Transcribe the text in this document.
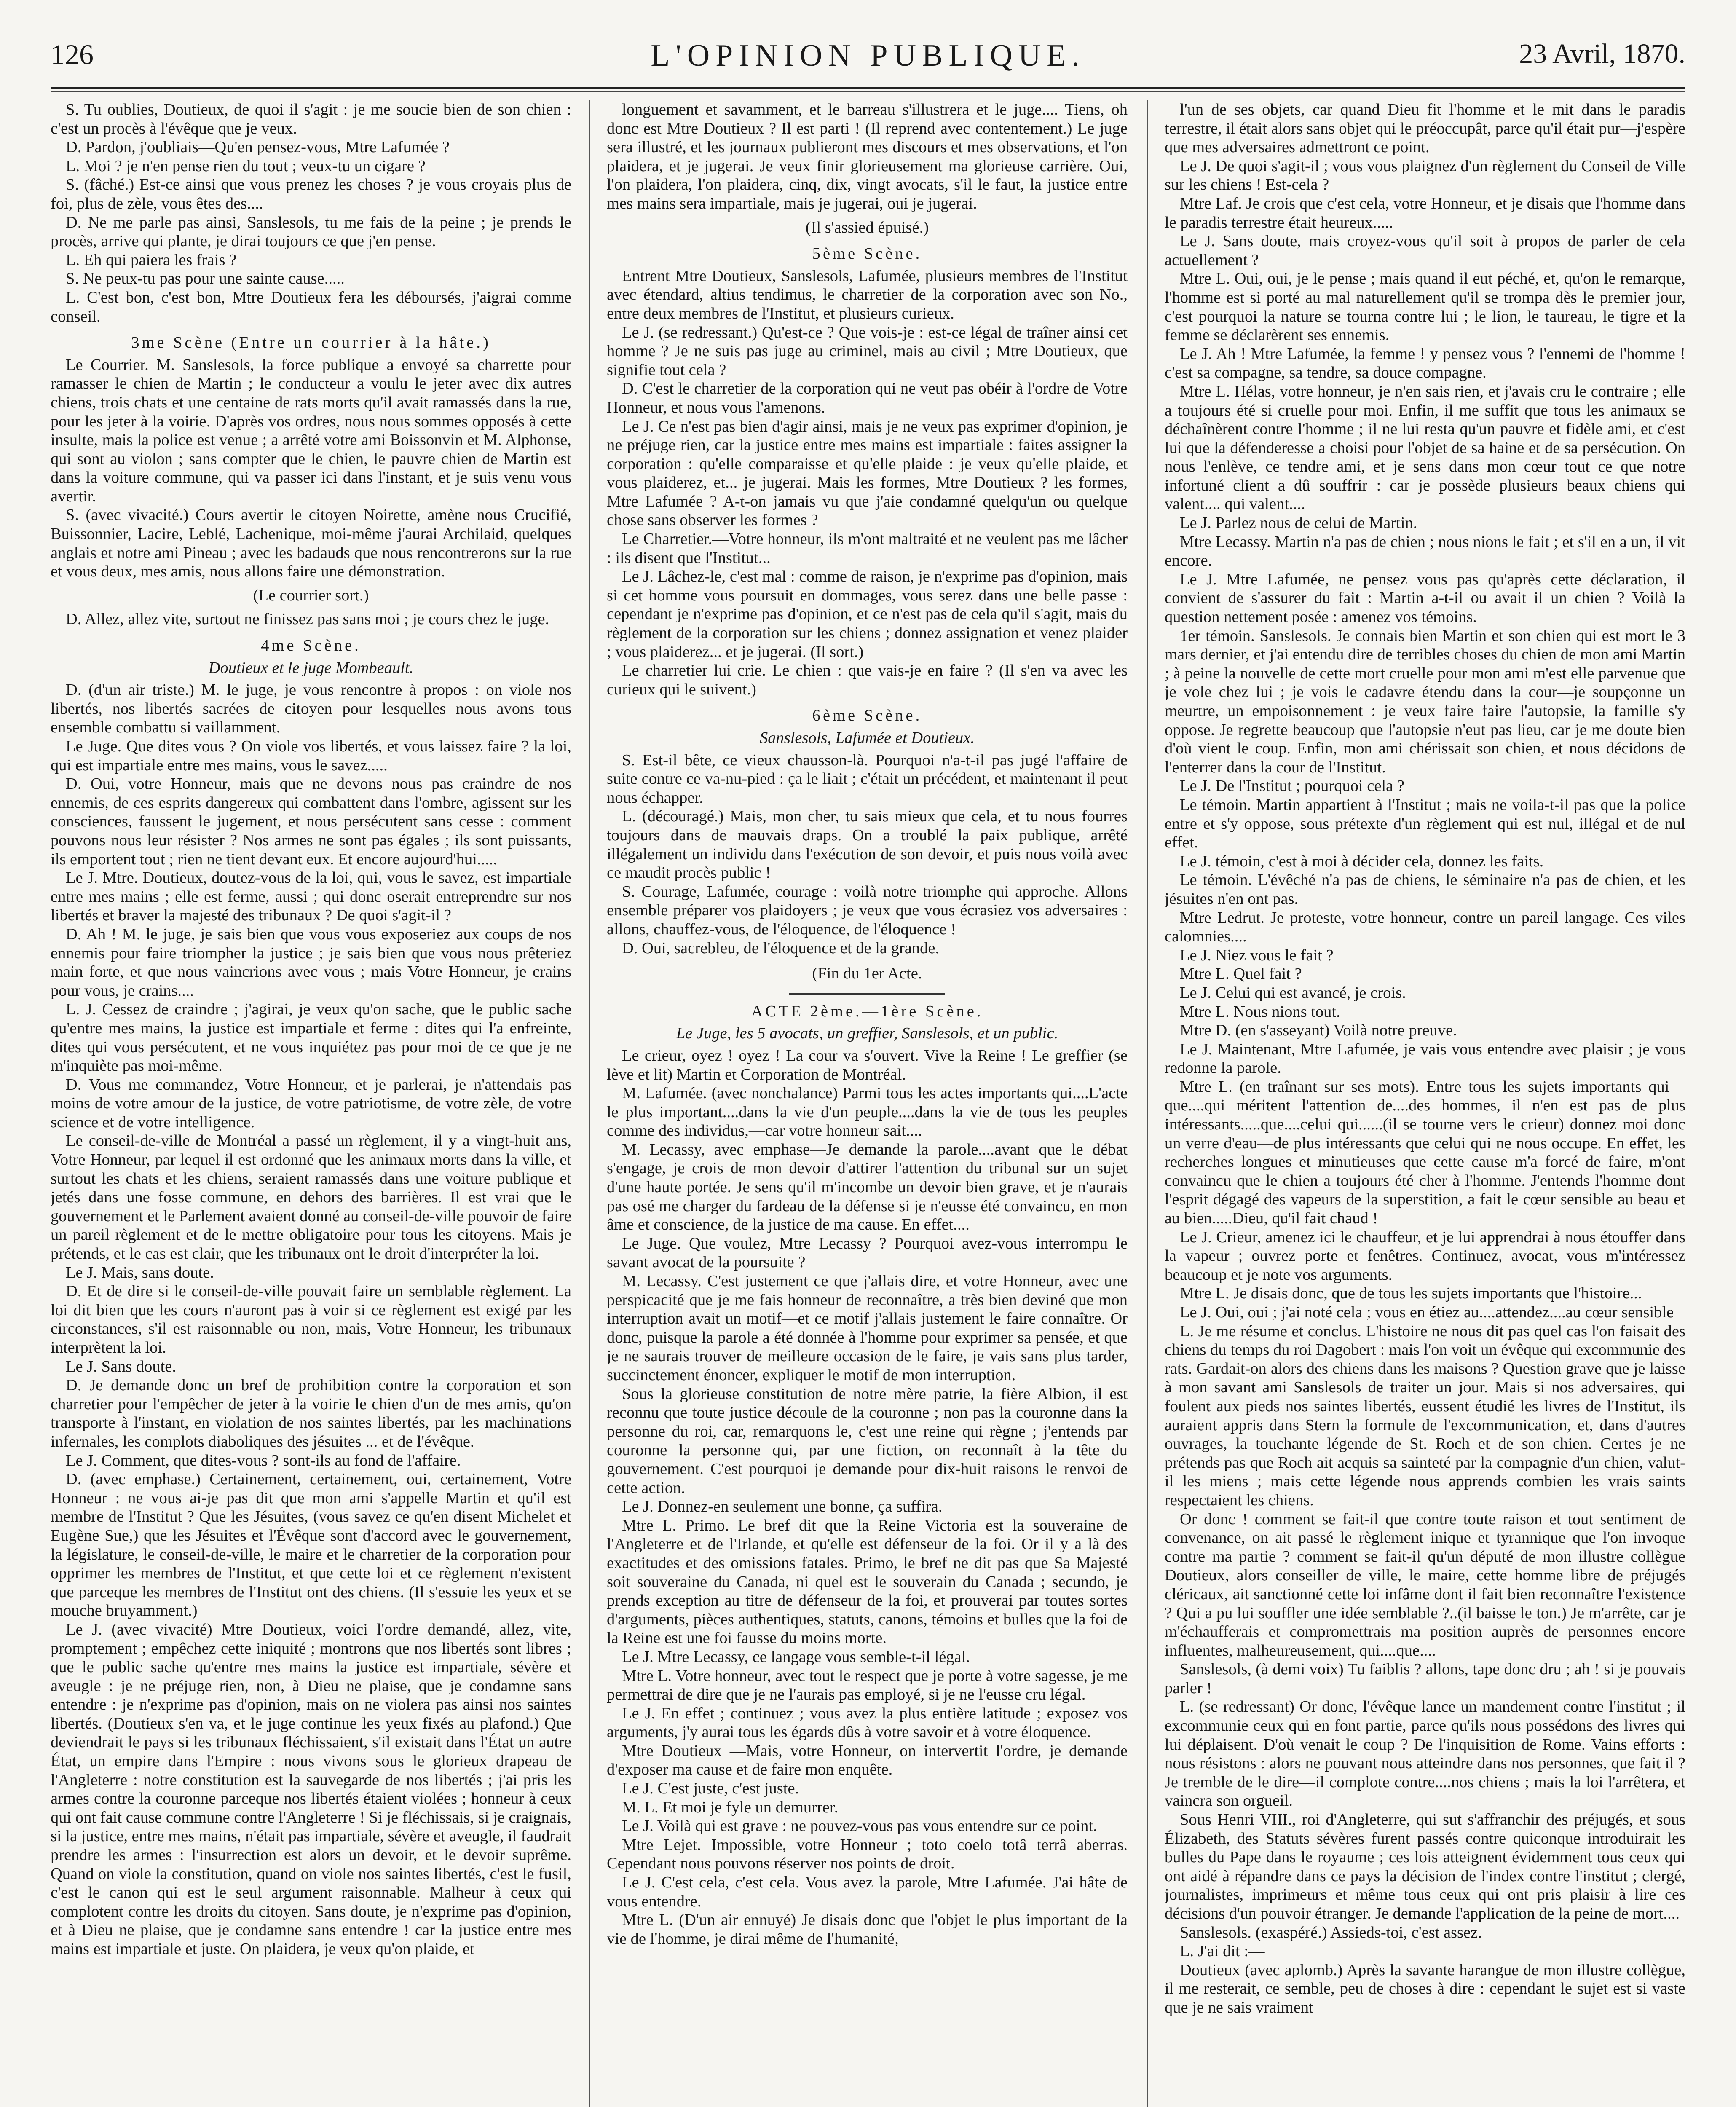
126	L'OPINION PUBLIQUE.	23 Avril, 1870.

S. Tu oublies, Doutieux, de quoi il s'agit : je me soucie bien de son chien : c'est un procès à l'évêque que je veux.

D. Pardon, j'oubliais—Qu'en pensez-vous, Mtre Lafumée ?

L. Moi ? je n'en pense rien du tout ; veux-tu un cigare ?

S. (fâché.) Est-ce ainsi que vous prenez les choses ? je vous croyais plus de foi, plus de zèle, vous êtes des....

D. Ne me parle pas ainsi, Sanslesols, tu me fais de la peine ; je prends le procès, arrive qui plante, je dirai toujours ce que j'en pense.

L. Eh qui paiera les frais ?

S. Ne peux-tu pas pour une sainte cause.....

L. C'est bon, c'est bon, Mtre Doutieux fera les déboursés, j'aigrai comme conseil.

3me Scène (Entre un courrier à la hâte.)

Le Courrier. M. Sanslesols, la force publique a envoyé sa charrette pour ramasser le chien de Martin ; le conducteur a voulu le jeter avec dix autres chiens, trois chats et une centaine de rats morts qu'il avait ramassés dans la rue, pour les jeter à la voirie. D'après vos ordres, nous nous sommes opposés à cette insulte, mais la police est venue ; a arrêté votre ami Boissonvin et M. Alphonse, qui sont au violon ; sans compter que le chien, le pauvre chien de Martin est dans la voiture commune, qui va passer ici dans l'instant, et je suis venu vous avertir.

S. (avec vivacité.) Cours avertir le citoyen Noirette, amène nous Crucifié, Buissonnier, Lacire, Leblé, Lachenique, moi-même j'aurai Archilaid, quelques anglais et notre ami Pineau ; avec les badauds que nous rencontrerons sur la rue et vous deux, mes amis, nous allons faire une démonstration.

(Le courrier sort.)

D. Allez, allez vite, surtout ne finissez pas sans moi ; je cours chez le juge.

4me Scène.

Doutieux et le juge Mombeault.

D. (d'un air triste.) M. le juge, je vous rencontre à propos : on viole nos libertés, nos libertés sacrées de citoyen pour lesquelles nous avons tous ensemble combattu si vaillamment.

Le Juge. Que dites vous ? On viole vos libertés, et vous laissez faire ? la loi, qui est impartiale entre mes mains, vous le savez.....

D. Oui, votre Honneur, mais que ne devons nous pas craindre de nos ennemis, de ces esprits dangereux qui combattent dans l'ombre, agissent sur les consciences, faussent le jugement, et nous persécutent sans cesse : comment pouvons nous leur résister ? Nos armes ne sont pas égales ; ils sont puissants, ils emportent tout ; rien ne tient devant eux. Et encore aujourd'hui.....

Le J. Mtre. Doutieux, doutez-vous de la loi, qui, vous le savez, est impartiale entre mes mains ; elle est ferme, aussi ; qui donc oserait entreprendre sur nos libertés et braver la majesté des tribunaux ? De quoi s'agit-il ?

D. Ah ! M. le juge, je sais bien que vous vous exposeriez aux coups de nos ennemis pour faire triompher la justice ; je sais bien que vous nous prêteriez main forte, et que nous vaincrions avec vous ; mais Votre Honneur, je crains pour vous, je crains....

L. J. Cessez de craindre ; j'agirai, je veux qu'on sache, que le public sache qu'entre mes mains, la justice est impartiale et ferme : dites qui l'a enfreinte, dites qui vous persécutent, et ne vous inquiétez pas pour moi de ce que je ne m'inquiète pas moi-même.

D. Vous me commandez, Votre Honneur, et je parlerai, je n'attendais pas moins de votre amour de la justice, de votre patriotisme, de votre zèle, de votre science et de votre intelligence.

Le conseil-de-ville de Montréal a passé un règlement, il y a vingt-huit ans, Votre Honneur, par lequel il est ordonné que les animaux morts dans la ville, et surtout les chats et les chiens, seraient ramassés dans une voiture publique et jetés dans une fosse commune, en dehors des barrières. Il est vrai que le gouvernement et le Parlement avaient donné au conseil-de-ville pouvoir de faire un pareil règlement et de le mettre obligatoire pour tous les citoyens. Mais je prétends, et le cas est clair, que les tribunaux ont le droit d'interpréter la loi.

Le J. Mais, sans doute.

D. Et de dire si le conseil-de-ville pouvait faire un semblable règlement. La loi dit bien que les cours n'auront pas à voir si ce règlement est exigé par les circonstances, s'il est raisonnable ou non, mais, Votre Honneur, les tribunaux interprètent la loi.

Le J. Sans doute.

D. Je demande donc un bref de prohibition contre la corporation et son charretier pour l'empêcher de jeter à la voirie le chien d'un de mes amis, qu'on transporte à l'instant, en violation de nos saintes libertés, par les machinations infernales, les complots diaboliques des jésuites ... et de l'évêque.

Le J. Comment, que dites-vous ? sont-ils au fond de l'affaire.

D. (avec emphase.) Certainement, certainement, oui, certainement, Votre Honneur : ne vous ai-je pas dit que mon ami s'appelle Martin et qu'il est membre de l'Institut ? Que les Jésuites, (vous savez ce qu'en disent Michelet et Eugène Sue,) que les Jésuites et l'Évêque sont d'accord avec le gouvernement, la législature, le conseil-de-ville, le maire et le charretier de la corporation pour opprimer les membres de l'Institut, et que cette loi et ce règlement n'existent que parceque les membres de l'Institut ont des chiens. (Il s'essuie les yeux et se mouche bruyamment.)

Le J. (avec vivacité) Mtre Doutieux, voici l'ordre demandé, allez, vite, promptement ; empêchez cette iniquité ; montrons que nos libertés sont libres ; que le public sache qu'entre mes mains la justice est impartiale, sévère et aveugle : je ne préjuge rien, non, à Dieu ne plaise, que je condamne sans entendre : je n'exprime pas d'opinion, mais on ne violera pas ainsi nos saintes libertés. (Doutieux s'en va, et le juge continue les yeux fixés au plafond.) Que deviendrait le pays si les tribunaux fléchissaient, s'il existait dans l'État un autre État, un empire dans l'Empire : nous vivons sous le glorieux drapeau de l'Angleterre : notre constitution est la sauvegarde de nos libertés ; j'ai pris les armes contre la couronne parceque nos libertés étaient violées ; honneur à ceux qui ont fait cause commune contre l'Angleterre ! Si je fléchissais, si je craignais, si la justice, entre mes mains, n'était pas impartiale, sévère et aveugle, il faudrait prendre les armes : l'insurrection est alors un devoir, et le devoir suprême. Quand on viole la constitution, quand on viole nos saintes libertés, c'est le fusil, c'est le canon qui est le seul argument raisonnable. Malheur à ceux qui complotent contre les droits du citoyen. Sans doute, je n'exprime pas d'opinion, et à Dieu ne plaise, que je condamne sans entendre ! car la justice entre mes mains est impartiale et juste. On plaidera, je veux qu'on plaide, et

longuement et savamment, et le barreau s'illustrera et le juge.... Tiens, oh donc est Mtre Doutieux ? Il est parti ! (Il reprend avec contentement.) Le juge sera illustré, et les journaux publieront mes discours et mes observations, et l'on plaidera, et je jugerai. Je veux finir glorieusement ma glorieuse carrière. Oui, l'on plaidera, l'on plaidera, cinq, dix, vingt avocats, s'il le faut, la justice entre mes mains sera impartiale, mais je jugerai, oui je jugerai.

(Il s'assied épuisé.)

5ème Scène.

Entrent Mtre Doutieux, Sanslesols, Lafumée, plusieurs membres de l'Institut avec étendard, altius tendimus, le charretier de la corporation avec son No., entre deux membres de l'Institut, et plusieurs curieux.

Le J. (se redressant.) Qu'est-ce ? Que vois-je : est-ce légal de traîner ainsi cet homme ? Je ne suis pas juge au criminel, mais au civil ; Mtre Doutieux, que signifie tout cela ?

D. C'est le charretier de la corporation qui ne veut pas obéir à l'ordre de Votre Honneur, et nous vous l'amenons.

Le J. Ce n'est pas bien d'agir ainsi, mais je ne veux pas exprimer d'opinion, je ne préjuge rien, car la justice entre mes mains est impartiale : faites assigner la corporation : qu'elle comparaisse et qu'elle plaide : je veux qu'elle plaide, et vous plaiderez, et... je jugerai. Mais les formes, Mtre Doutieux ? les formes, Mtre Lafumée ? A-t-on jamais vu que j'aie condamné quelqu'un ou quelque chose sans observer les formes ?

Le Charretier.—Votre honneur, ils m'ont maltraité et ne veulent pas me lâcher : ils disent que l'Institut...

Le J. Lâchez-le, c'est mal : comme de raison, je n'exprime pas d'opinion, mais si cet homme vous poursuit en dommages, vous serez dans une belle passe : cependant je n'exprime pas d'opinion, et ce n'est pas de cela qu'il s'agit, mais du règlement de la corporation sur les chiens ; donnez assignation et venez plaider ; vous plaiderez... et je jugerai. (Il sort.)

Le charretier lui crie. Le chien : que vais-je en faire ? (Il s'en va avec les curieux qui le suivent.)

6ème Scène.

Sanslesols, Lafumée et Doutieux.

S. Est-il bête, ce vieux chausson-là. Pourquoi n'a-t-il pas jugé l'affaire de suite contre ce va-nu-pied : ça le liait ; c'était un précédent, et maintenant il peut nous échapper.

L. (découragé.) Mais, mon cher, tu sais mieux que cela, et tu nous fourres toujours dans de mauvais draps. On a troublé la paix publique, arrêté illégalement un individu dans l'exécution de son devoir, et puis nous voilà avec ce maudit procès public !

S. Courage, Lafumée, courage : voilà notre triomphe qui approche. Allons ensemble préparer vos plaidoyers ; je veux que vous écrasiez vos adversaires : allons, chauffez-vous, de l'éloquence, de l'éloquence !

D. Oui, sacrebleu, de l'éloquence et de la grande.

(Fin du 1er Acte.

ACTE 2ème.—1ère Scène.

Le Juge, les 5 avocats, un greffier, Sanslesols, et un public.

Le crieur, oyez ! oyez ! La cour va s'ouvert. Vive la Reine ! Le greffier (se lève et lit) Martin et Corporation de Montréal.

M. Lafumée. (avec nonchalance) Parmi tous les actes importants qui....L'acte le plus important....dans la vie d'un peuple....dans la vie de tous les peuples comme des individus,—car votre honneur sait....

M. Lecassy, avec emphase—Je demande la parole....avant que le débat s'engage, je crois de mon devoir d'attirer l'attention du tribunal sur un sujet d'une haute portée. Je sens qu'il m'incombe un devoir bien grave, et je n'aurais pas osé me charger du fardeau de la défense si je n'eusse été convaincu, en mon âme et conscience, de la justice de ma cause. En effet....

Le Juge. Que voulez, Mtre Lecassy ? Pourquoi avez-vous interrompu le savant avocat de la poursuite ?

M. Lecassy. C'est justement ce que j'allais dire, et votre Honneur, avec une perspicacité que je me fais honneur de reconnaître, a très bien deviné que mon interruption avait un motif—et ce motif j'allais justement le faire connaître. Or donc, puisque la parole a été donnée à l'homme pour exprimer sa pensée, et que je ne saurais trouver de meilleure occasion de le faire, je vais sans plus tarder, succinctement énoncer, expliquer le motif de mon interruption.

Sous la glorieuse constitution de notre mère patrie, la fière Albion, il est reconnu que toute justice découle de la couronne ; non pas la couronne dans la personne du roi, car, remarquons le, c'est une reine qui règne ; j'entends par couronne la personne qui, par une fiction, on reconnaît à la tête du gouvernement. C'est pourquoi je demande pour dix-huit raisons le renvoi de cette action.

Le J. Donnez-en seulement une bonne, ça suffira.

Mtre L. Primo. Le bref dit que la Reine Victoria est la souveraine de l'Angleterre et de l'Irlande, et qu'elle est défenseur de la foi. Or il y a là des exactitudes et des omissions fatales. Primo, le bref ne dit pas que Sa Majesté soit souveraine du Canada, ni quel est le souverain du Canada ; secundo, je prends exception au titre de défenseur de la foi, et prouverai par toutes sortes d'arguments, pièces authentiques, statuts, canons, témoins et bulles que la foi de la Reine est une foi fausse du moins morte.

Le J. Mtre Lecassy, ce langage vous semble-t-il légal.

Mtre L. Votre honneur, avec tout le respect que je porte à votre sagesse, je me permettrai de dire que je ne l'aurais pas employé, si je ne l'eusse cru légal.

Le J. En effet ; continuez ; vous avez la plus entière latitude ; exposez vos arguments, j'y aurai tous les égards dûs à votre savoir et à votre éloquence.

Mtre Doutieux —Mais, votre Honneur, on intervertit l'ordre, je demande d'exposer ma cause et de faire mon enquête.

Le J. C'est juste, c'est juste.

M. L. Et moi je fyle un demurrer.

Le J. Voilà qui est grave : ne pouvez-vous pas vous entendre sur ce point.

Mtre Lejet. Impossible, votre Honneur ; toto coelo totâ terrâ aberras. Cependant nous pouvons réserver nos points de droit.

Le J. C'est cela, c'est cela. Vous avez la parole, Mtre Lafumée. J'ai hâte de vous entendre.

Mtre L. (D'un air ennuyé) Je disais donc que l'objet le plus important de la vie de l'homme, je dirai même de l'humanité,

l'un de ses objets, car quand Dieu fit l'homme et le mit dans le paradis terrestre, il était alors sans objet qui le préoccupât, parce qu'il était pur—j'espère que mes adversaires admettront ce point.

Le J. De quoi s'agit-il ; vous vous plaignez d'un règlement du Conseil de Ville sur les chiens ! Est-cela ?

Mtre Laf. Je crois que c'est cela, votre Honneur, et je disais que l'homme dans le paradis terrestre était heureux.....

Le J. Sans doute, mais croyez-vous qu'il soit à propos de parler de cela actuellement ?

Mtre L. Oui, oui, je le pense ; mais quand il eut péché, et, qu'on le remarque, l'homme est si porté au mal naturellement qu'il se trompa dès le premier jour, c'est pourquoi la nature se tourna contre lui ; le lion, le taureau, le tigre et la femme se déclarèrent ses ennemis.

Le J. Ah ! Mtre Lafumée, la femme ! y pensez vous ? l'ennemi de l'homme ! c'est sa compagne, sa tendre, sa douce compagne.

Mtre L. Hélas, votre honneur, je n'en sais rien, et j'avais cru le contraire ; elle a toujours été si cruelle pour moi. Enfin, il me suffit que tous les animaux se déchaînèrent contre l'homme ; il ne lui resta qu'un pauvre et fidèle ami, et c'est lui que la défenderesse a choisi pour l'objet de sa haine et de sa persécution. On nous l'enlève, ce tendre ami, et je sens dans mon cœur tout ce que notre infortuné client a dû souffrir : car je possède plusieurs beaux chiens qui valent.... qui valent....

Le J. Parlez nous de celui de Martin.

Mtre Lecassy. Martin n'a pas de chien ; nous nions le fait ; et s'il en a un, il vit encore.

Le J. Mtre Lafumée, ne pensez vous pas qu'après cette déclaration, il convient de s'assurer du fait : Martin a-t-il ou avait il un chien ? Voilà la question nettement posée : amenez vos témoins.

1er témoin. Sanslesols. Je connais bien Martin et son chien qui est mort le 3 mars dernier, et j'ai entendu dire de terribles choses du chien de mon ami Martin ; à peine la nouvelle de cette mort cruelle pour mon ami m'est elle parvenue que je vole chez lui ; je vois le cadavre étendu dans la cour—je soupçonne un meurtre, un empoisonnement : je veux faire faire l'autopsie, la famille s'y oppose. Je regrette beaucoup que l'autopsie n'eut pas lieu, car je me doute bien d'où vient le coup. Enfin, mon ami chérissait son chien, et nous décidons de l'enterrer dans la cour de l'Institut.

Le J. De l'Institut ; pourquoi cela ?

Le témoin. Martin appartient à l'Institut ; mais ne voila-t-il pas que la police entre et s'y oppose, sous prétexte d'un règlement qui est nul, illégal et de nul effet.

Le J. témoin, c'est à moi à décider cela, donnez les faits.

Le témoin. L'évêché n'a pas de chiens, le séminaire n'a pas de chien, et les jésuites n'en ont pas.

Mtre Ledrut. Je proteste, votre honneur, contre un pareil langage. Ces viles calomnies....

Le J. Niez vous le fait ?

Mtre L. Quel fait ?

Le J. Celui qui est avancé, je crois.

Mtre L. Nous nions tout.

Mtre D. (en s'asseyant) Voilà notre preuve.

Le J. Maintenant, Mtre Lafumée, je vais vous entendre avec plaisir ; je vous redonne la parole.

Mtre L. (en traînant sur ses mots). Entre tous les sujets importants qui—que....qui méritent l'attention de....des hommes, il n'en est pas de plus intéressants.....que....celui qui......(il se tourne vers le crieur) donnez moi donc un verre d'eau—de plus intéressants que celui qui ne nous occupe. En effet, les recherches longues et minutieuses que cette cause m'a forcé de faire, m'ont convaincu que le chien a toujours été cher à l'homme. J'entends l'homme dont l'esprit dégagé des vapeurs de la superstition, a fait le cœur sensible au beau et au bien.....Dieu, qu'il fait chaud !

Le J. Crieur, amenez ici le chauffeur, et je lui apprendrai à nous étouffer dans la vapeur ; ouvrez porte et fenêtres. Continuez, avocat, vous m'intéressez beaucoup et je note vos arguments.

Mtre L. Je disais donc, que de tous les sujets importants que l'histoire...

Le J. Oui, oui ; j'ai noté cela ; vous en étiez au....attendez....au cœur sensible

L. Je me résume et conclus. L'histoire ne nous dit pas quel cas l'on faisait des chiens du temps du roi Dagobert : mais l'on voit un évêque qui excommunie des rats. Gardait-on alors des chiens dans les maisons ? Question grave que je laisse à mon savant ami Sanslesols de traiter un jour. Mais si nos adversaires, qui foulent aux pieds nos saintes libertés, eussent étudié les livres de l'Institut, ils auraient appris dans Stern la formule de l'excommunication, et, dans d'autres ouvrages, la touchante légende de St. Roch et de son chien. Certes je ne prétends pas que Roch ait acquis sa sainteté par la compagnie d'un chien, valut-il les miens ; mais cette légende nous apprends combien les vrais saints respectaient les chiens.

Or donc ! comment se fait-il que contre toute raison et tout sentiment de convenance, on ait passé le règlement inique et tyrannique que l'on invoque contre ma partie ? comment se fait-il qu'un député de mon illustre collègue Doutieux, alors conseiller de ville, le maire, cette homme libre de préjugés cléricaux, ait sanctionné cette loi infâme dont il fait bien reconnaître l'existence ? Qui a pu lui souffler une idée semblable ?..(il baisse le ton.) Je m'arrête, car je m'échaufferais et compromettrais ma position auprès de personnes encore influentes, malheureusement, qui....que....

Sanslesols, (à demi voix) Tu faiblis ? allons, tape donc dru ; ah ! si je pouvais parler !

L. (se redressant) Or donc, l'évêque lance un mandement contre l'institut ; il excommunie ceux qui en font partie, parce qu'ils nous possédons des livres qui lui déplaisent. D'où venait le coup ? De l'inquisition de Rome. Vains efforts : nous résistons : alors ne pouvant nous atteindre dans nos personnes, que fait il ? Je tremble de le dire—il complote contre....nos chiens ; mais la loi l'arrêtera, et vaincra son orgueil.

Sous Henri VIII., roi d'Angleterre, qui sut s'affranchir des préjugés, et sous Élizabeth, des Statuts sévères furent passés contre quiconque introduirait les bulles du Pape dans le royaume ; ces lois atteignent évidemment tous ceux qui ont aidé à répandre dans ce pays la décision de l'index contre l'institut ; clergé, journalistes, imprimeurs et même tous ceux qui ont pris plaisir à lire ces décisions d'un pouvoir étranger. Je demande l'application de la peine de mort....

Sanslesols. (exaspéré.) Assieds-toi, c'est assez.

L. J'ai dit :—

Doutieux (avec aplomb.) Après la savante harangue de mon illustre collègue, il me resterait, ce semble, peu de choses à dire : cependant le sujet est si vaste que je ne sais vraiment
